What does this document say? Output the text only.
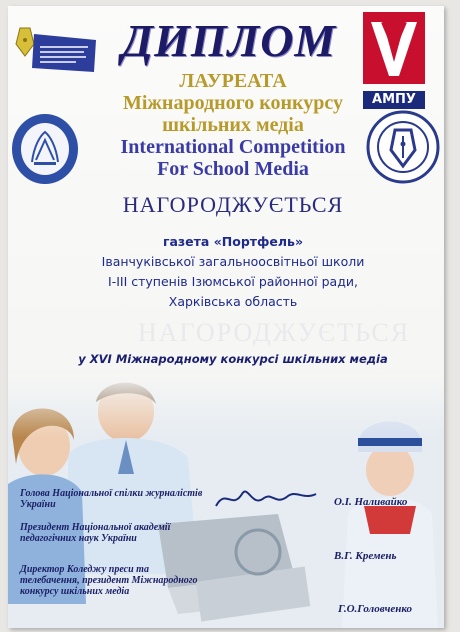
ДИПЛОМ
АМПУ
ЛАУРЕАТА
Міжнародного конкурсу
шкільних медіа
International Competition
For School Media
НАГОРОДЖУЄТЬСЯ
газета «Портфель»
Іванчуківської загальноосвітньої школи
І-ІІІ ступенів Ізюмської районної ради,
Харківська область
у XVI Міжнародному конкурсі шкільних медіа
Голова Національної спілки журналістів України	О.І. Наливайко
Президент Національної академії педагогічних наук України
В.Г. Кремень
Директор Коледжу преси та телебачення, президент Міжнародного конкурсу шкільних медіа
Г.О.Головченко
НАГОРОДЖУЄТЬСЯ
